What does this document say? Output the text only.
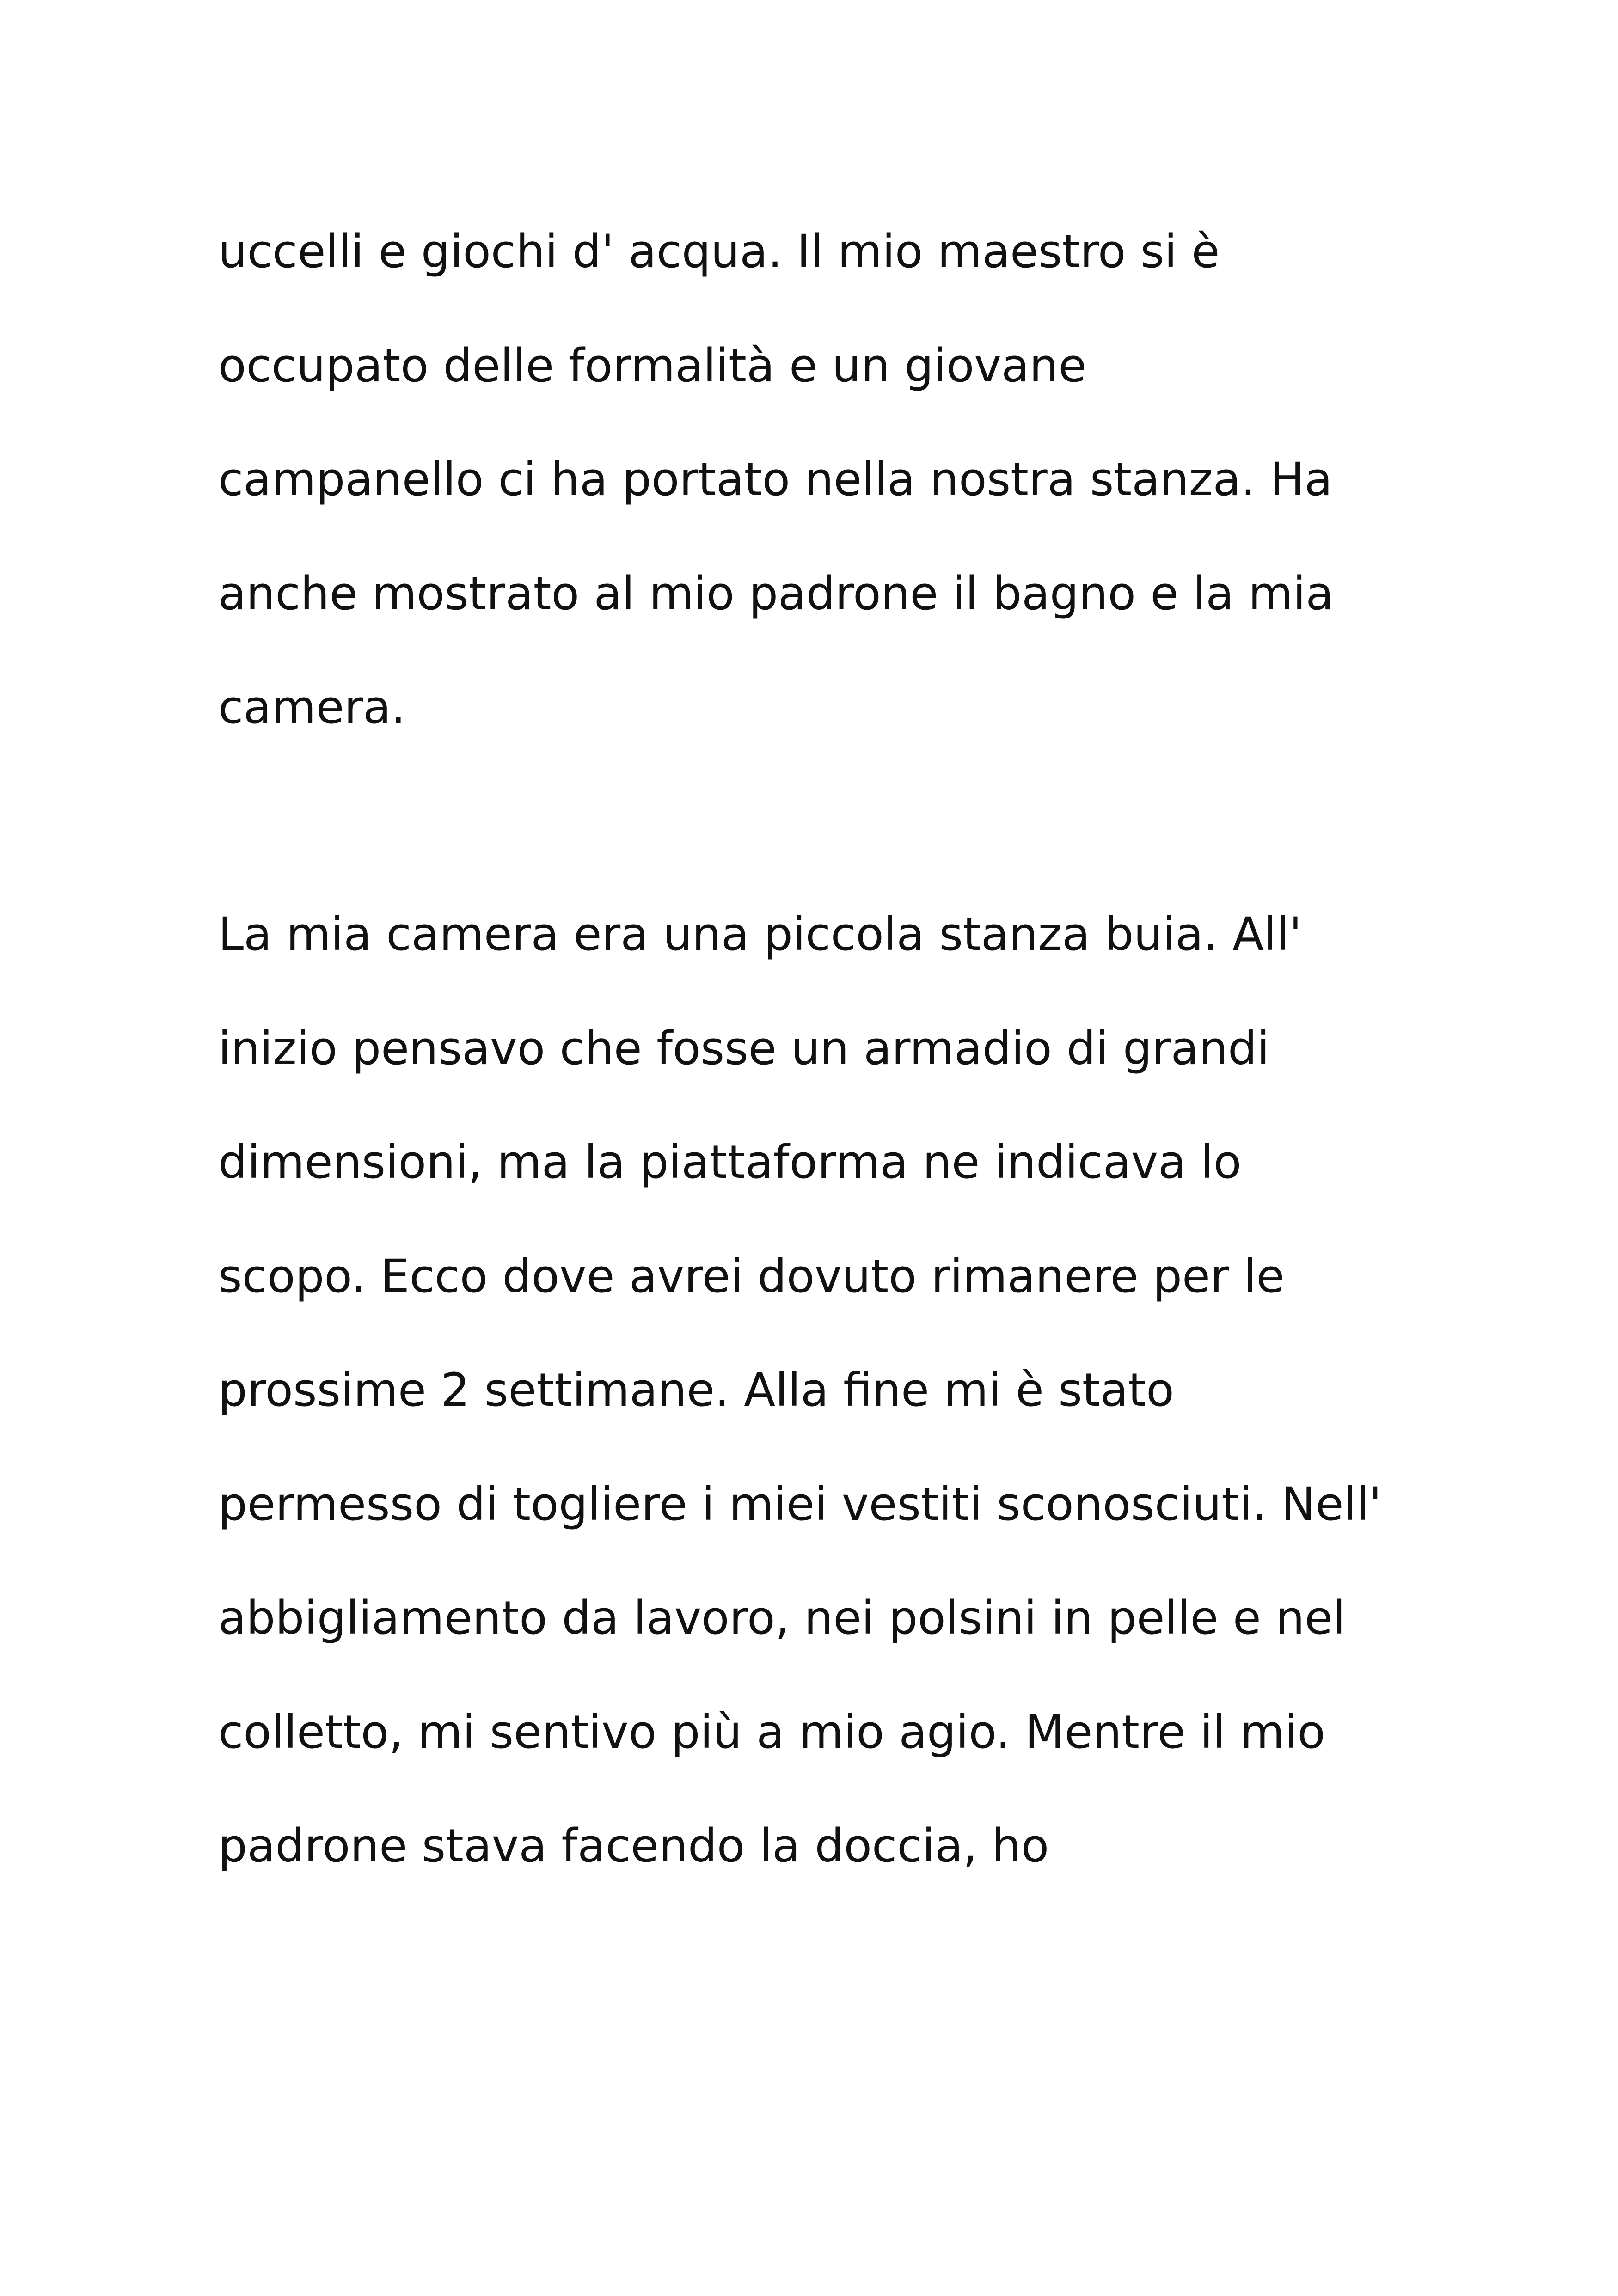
uccelli e giochi d' acqua. Il mio maestro si è

occupato delle formalità e un giovane

campanello ci ha portato nella nostra stanza. Ha

anche mostrato al mio padrone il bagno e la mia

camera.

La mia camera era una piccola stanza buia. All'

inizio pensavo che fosse un armadio di grandi

dimensioni, ma la piattaforma ne indicava lo

scopo. Ecco dove avrei dovuto rimanere per le

prossime 2 settimane. Alla fine mi è stato

permesso di togliere i miei vestiti sconosciuti. Nell'

abbigliamento da lavoro, nei polsini in pelle e nel

colletto, mi sentivo più a mio agio. Mentre il mio

padrone stava facendo la doccia, ho
